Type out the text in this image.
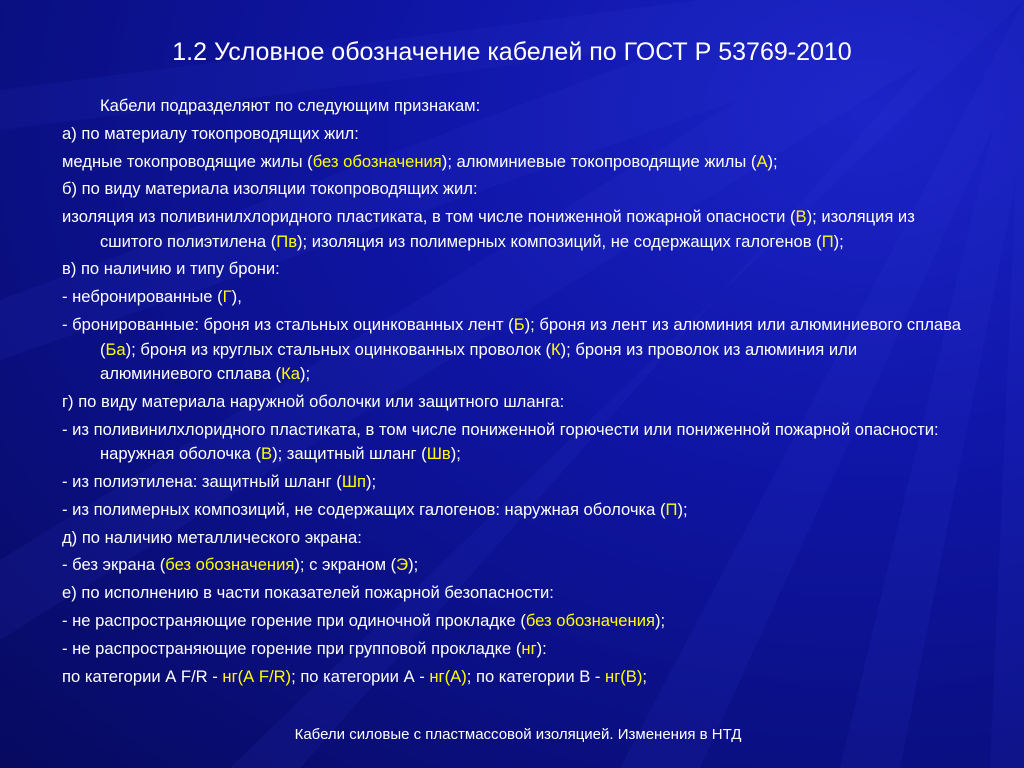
1.2 Условное обозначение кабелей по ГОСТ Р 53769-2010

Кабели подразделяют по следующим признакам:

а) по материалу токопроводящих жил:

медные токопроводящие жилы (без обозначения); алюминиевые токопроводящие жилы (А);

б) по виду материала изоляции токопроводящих жил:

изоляция из поливинилхлоридного пластиката, в том числе пониженной пожарной опасности (В); изоляция из сшитого полиэтилена (Пв); изоляция из полимерных композиций, не содержащих галогенов (П);

в) по наличию и типу брони:

- небронированные (Г),

- бронированные: броня из стальных оцинкованных лент (Б); броня из лент из алюминия или алюминиевого сплава (Ба); броня из круглых стальных оцинкованных проволок (К); броня из проволок из алюминия или алюминиевого сплава (Ка);

г) по виду материала наружной оболочки или защитного шланга:

- из поливинилхлоридного пластиката, в том числе пониженной горючести или пониженной пожарной опасности: наружная оболочка (В); защитный шланг (Шв);

- из полиэтилена: защитный шланг (Шп);

- из полимерных композиций, не содержащих галогенов: наружная оболочка (П);

д) по наличию металлического экрана:

- без экрана (без обозначения); с экраном (Э);

е) по исполнению в части показателей пожарной безопасности:

- не распространяющие горение при одиночной прокладке (без обозначения);

- не распространяющие горение при групповой прокладке (нг):

по категории А F/R - нг(А F/R); по категории А - нг(А); по категории В - нг(В);

Кабели силовые с пластмассовой изоляцией. Изменения в НТД
